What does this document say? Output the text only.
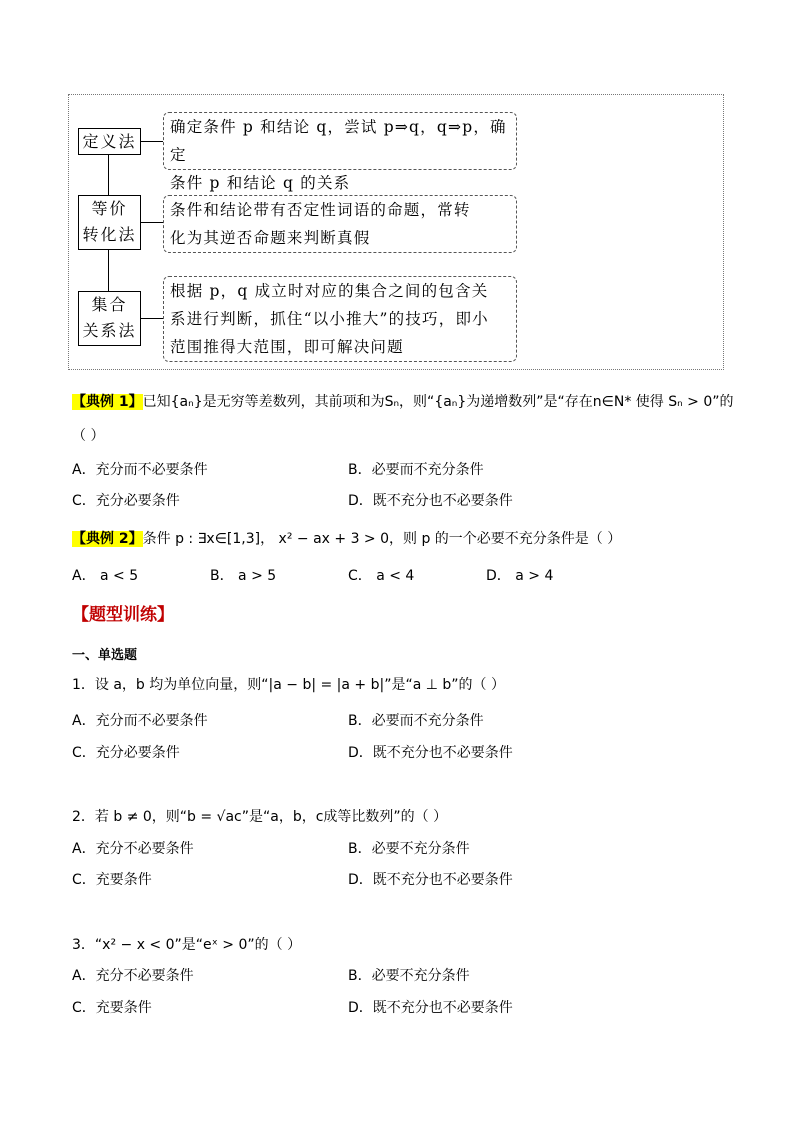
定义法
确定条件 p 和结论 q，尝试 p⇒q，q⇒p，确定
条件 p 和结论 q 的关系
等价
转化法
条件和结论带有否定性词语的命题，常转
化为其逆否命题来判断真假
集合
关系法
根据 p，q 成立时对应的集合之间的包含关
系进行判断，抓住“以小推大”的技巧，即小
范围推得大范围，即可解决问题
【典例 1】已知{aₙ}是无穷等差数列，其前项和为Sₙ，则“{aₙ}为递增数列”是“存在n∈N* 使得 Sₙ > 0”的
（ ）
A．充分而不必要条件	B．必要而不充分条件
C．充分必要条件	D．既不充分也不必要条件
【典例 2】条件 p : ∃x∈[1,3]， x² − ax + 3 > 0，则 p 的一个必要不充分条件是（ ）
A． a < 5	B． a > 5	C． a < 4	D． a > 4
【题型训练】
一、单选题
1．设 a，b 均为单位向量，则“|a − b| = |a + b|”是“a ⊥ b”的（ ）
A．充分而不必要条件	B．必要而不充分条件
C．充分必要条件	D．既不充分也不必要条件
2．若 b ≠ 0，则“b = √ac”是“a，b，c成等比数列”的（ ）
A．充分不必要条件	B．必要不充分条件
C．充要条件	D．既不充分也不必要条件
3．“x² − x < 0”是“eˣ > 0”的（ ）
A．充分不必要条件	B．必要不充分条件
C．充要条件	D．既不充分也不必要条件
